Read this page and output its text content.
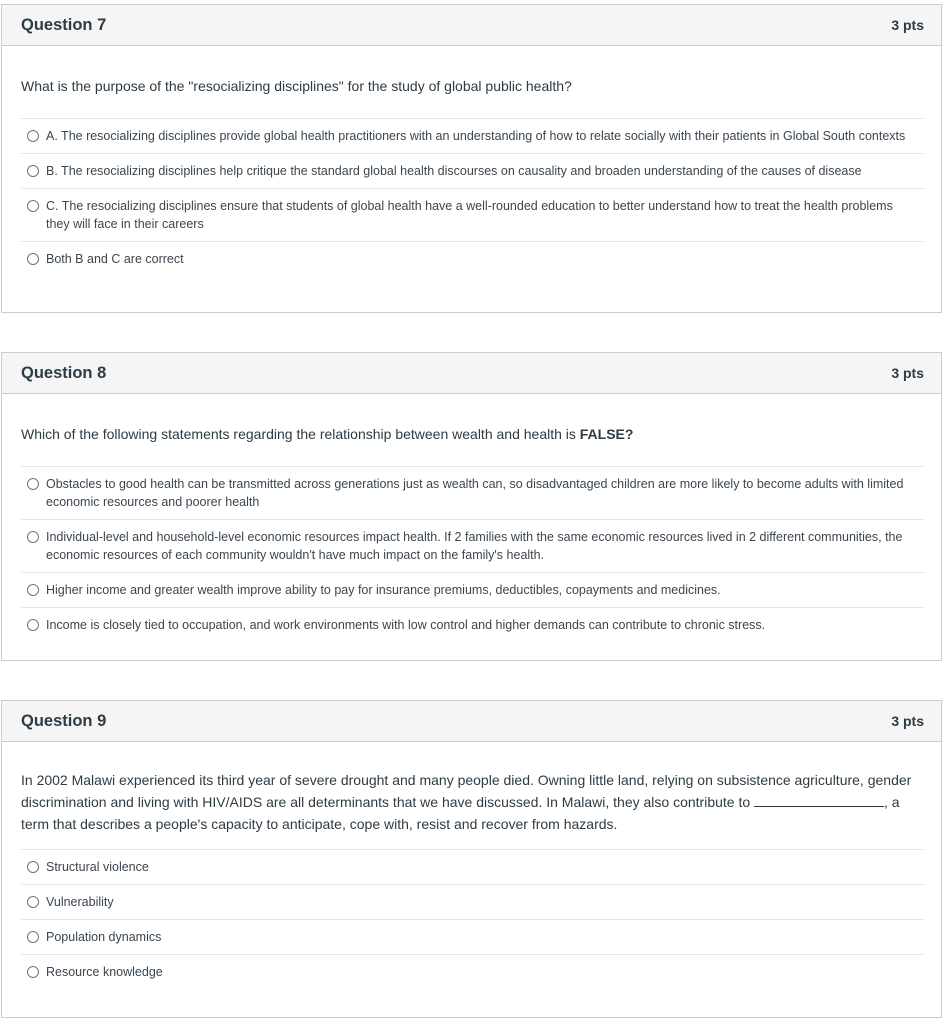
Question 7	3 pts

What is the purpose of the "resocializing disciplines" for the study of global public health?

A. The resocializing disciplines provide global health practitioners with an understanding of how to relate socially with their patients in Global South contexts
B. The resocializing disciplines help critique the standard global health discourses on causality and broaden understanding of the causes of disease
C. The resocializing disciplines ensure that students of global health have a well-rounded education to better understand how to treat the health problems they will face in their careers
Both B and C are correct
Question 8	3 pts

Which of the following statements regarding the relationship between wealth and health is FALSE?

Obstacles to good health can be transmitted across generations just as wealth can, so disadvantaged children are more likely to become adults with limited economic resources and poorer health
Individual-level and household-level economic resources impact health. If 2 families with the same economic resources lived in 2 different communities, the economic resources of each community wouldn't have much impact on the family's health.
Higher income and greater wealth improve ability to pay for insurance premiums, deductibles, copayments and medicines.
Income is closely tied to occupation, and work environments with low control and higher demands can contribute to chronic stress.
Question 9	3 pts

In 2002 Malawi experienced its third year of severe drought and many people died. Owning little land, relying on subsistence agriculture, gender discrimination and living with HIV/AIDS are all determinants that we have discussed. In Malawi, they also contribute to	, a term that describes a people's capacity to anticipate, cope with, resist and recover from hazards.

Structural violence
Vulnerability
Population dynamics
Resource knowledge
